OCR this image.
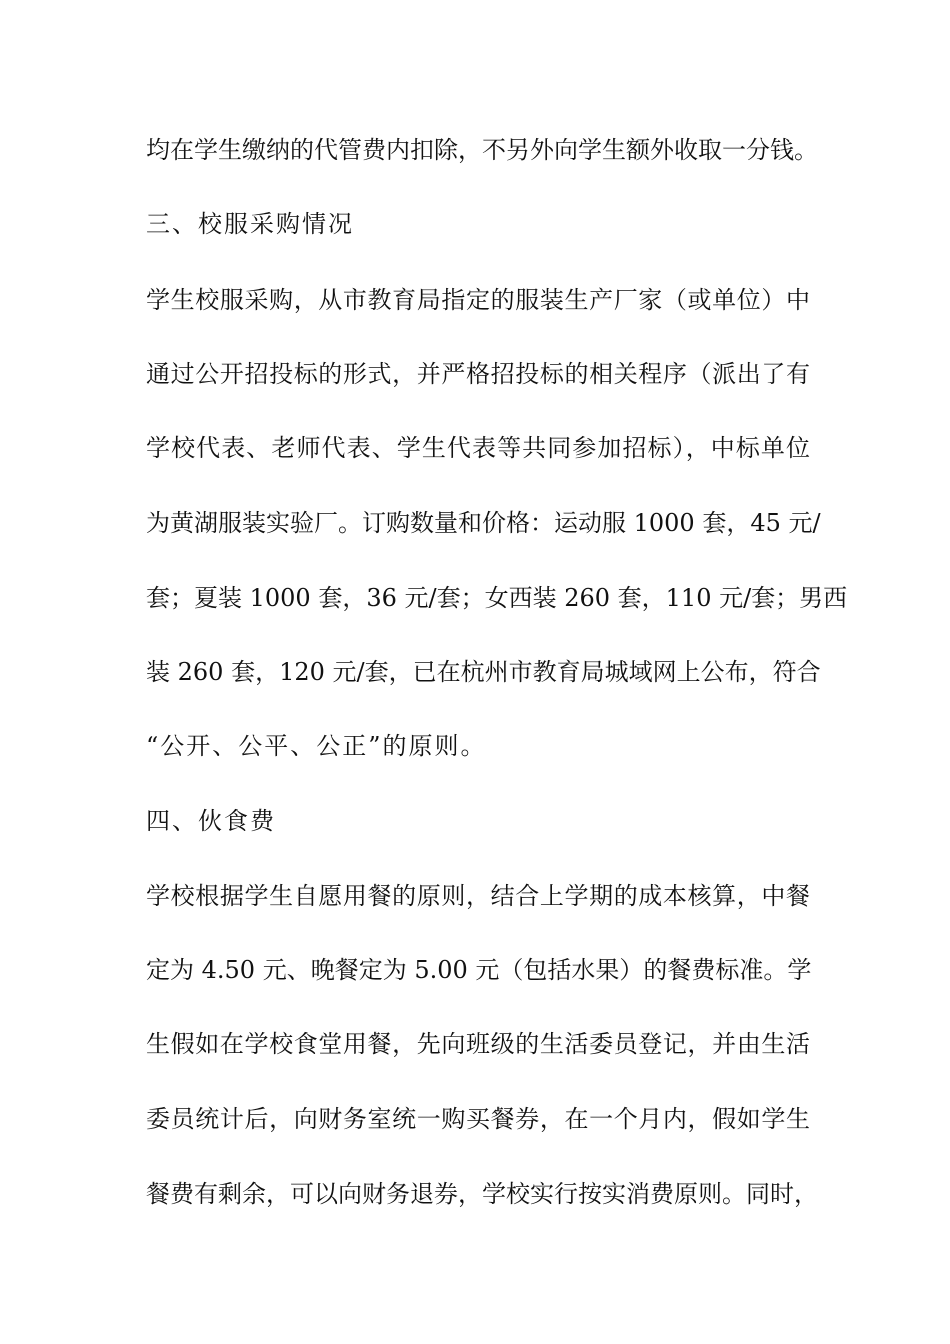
均在学生缴纳的代管费内扣除，不另外向学生额外收取一分钱。
三、校服采购情况
学生校服采购，从市教育局指定的服装生产厂家（或单位）中
通过公开招投标的形式，并严格招投标的相关程序（派出了有
学校代表、老师代表、学生代表等共同参加招标），中标单位
为黄湖服装实验厂。订购数量和价格：运动服 1000 套，45 元/
套；夏装 1000 套，36 元/套；女西装 260 套，110 元/套；男西
装 260 套，120 元/套，已在杭州市教育局城域网上公布，符合
“公开、公平、公正”的原则。
四、伙食费
学校根据学生自愿用餐的原则，结合上学期的成本核算，中餐
定为 4.50 元、晚餐定为 5.00 元（包括水果）的餐费标准。学
生假如在学校食堂用餐，先向班级的生活委员登记，并由生活
委员统计后，向财务室统一购买餐券，在一个月内，假如学生
餐费有剩余，可以向财务退券，学校实行按实消费原则。同时，
